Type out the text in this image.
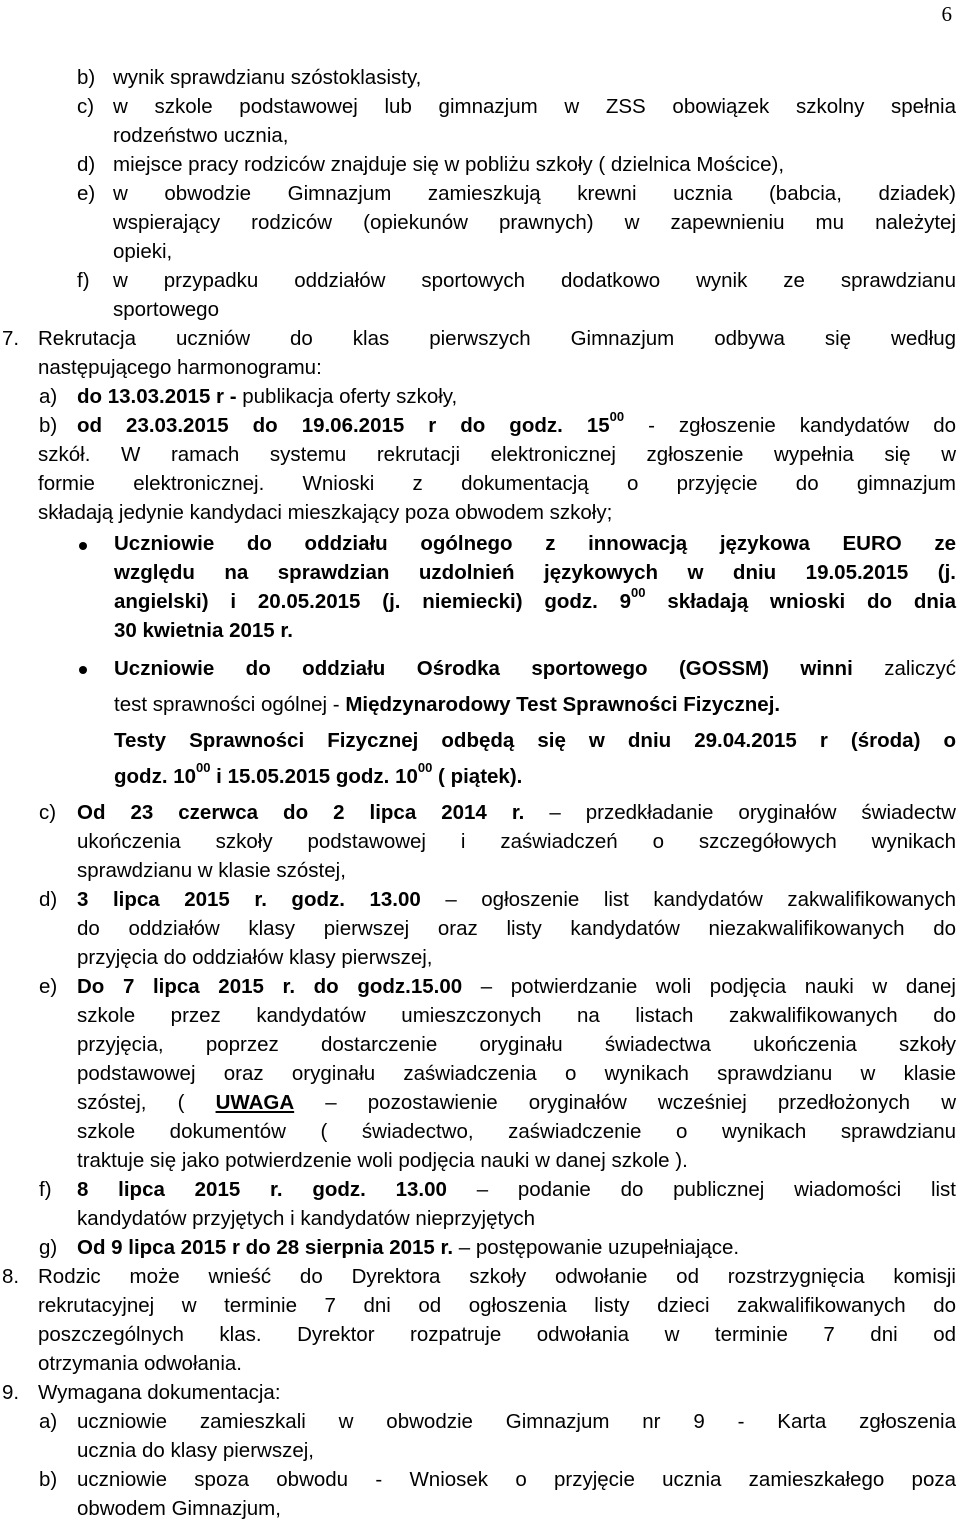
6
b) wynik sprawdzianu szóstoklasisty,
c) w szkole podstawowej lub gimnazjum w ZSS obowiązek szkolny spełnia
rodzeństwo ucznia,
d) miejsce pracy rodziców znajduje się w pobliżu szkoły ( dzielnica Mościce),
e) w obwodzie Gimnazjum zamieszkują krewni ucznia (babcia, dziadek)
wspierający rodziców (opiekunów prawnych) w zapewnieniu mu należytej
opieki,
f) w przypadku oddziałów sportowych dodatkowo wynik ze sprawdzianu
sportowego
7. Rekrutacja uczniów do klas pierwszych Gimnazjum odbywa się według
następującego harmonogramu:
a) do 13.03.2015 r - publikacja oferty szkoły,
b) od 23.03.2015 do 19.06.2015 r do godz. $15^{00}$ - zgłoszenie kandydatów do
szkół. W ramach systemu rekrutacji elektronicznej zgłoszenie wypełnia się w
formie elektronicznej. Wnioski z dokumentacją o przyjęcie do gimnazjum
składają jedynie kandydaci mieszkający poza obwodem szkoły;
Uczniowie do oddziału ogólnego z innowacją językowa EURO ze
względu na sprawdzian uzdolnień językowych w dniu 19.05.2015 (j.
angielski) i 20.05.2015 (j. niemiecki) godz. $9^{00}$ składają wnioski do dnia
30 kwietnia 2015 r.
Uczniowie do oddziału Ośrodka sportowego (GOSSM) winni zaliczyć
test sprawności ogólnej - Międzynarodowy Test Sprawności Fizycznej.
Testy Sprawności Fizycznej odbędą się w dniu 29.04.2015 r (środa) o
godz. $10^{00}$ i 15.05.2015 godz. $10^{00}$ ( piątek).
c) Od 23 czerwca do 2 lipca 2014 r. – przedkładanie oryginałów świadectw
ukończenia szkoły podstawowej i zaświadczeń o szczegółowych wynikach
sprawdzianu w klasie szóstej,
d) 3 lipca 2015 r. godz. 13.00 – ogłoszenie list kandydatów zakwalifikowanych
do oddziałów klasy pierwszej oraz listy kandydatów niezakwalifikowanych do
przyjęcia do oddziałów klasy pierwszej,
e) Do 7 lipca 2015 r. do godz.15.00 – potwierdzanie woli podjęcia nauki w danej
szkole przez kandydatów umieszczonych na listach zakwalifikowanych do
przyjęcia, poprzez dostarczenie oryginału świadectwa ukończenia szkoły
podstawowej oraz oryginału zaświadczenia o wynikach sprawdzianu w klasie
szóstej, ( UWAGA – pozostawienie oryginałów wcześniej przedłożonych w
szkole dokumentów ( świadectwo, zaświadczenie o wynikach sprawdzianu
traktuje się jako potwierdzenie woli podjęcia nauki w danej szkole ).
f) 8 lipca 2015 r. godz. 13.00 – podanie do publicznej wiadomości list
kandydatów przyjętych i kandydatów nieprzyjętych
g) Od 9 lipca 2015 r do 28 sierpnia 2015 r. – postępowanie uzupełniające.
8. Rodzic może wnieść do Dyrektora szkoły odwołanie od rozstrzygnięcia komisji
rekrutacyjnej w terminie 7 dni od ogłoszenia listy dzieci zakwalifikowanych do
poszczególnych klas. Dyrektor rozpatruje odwołania w terminie 7 dni od
otrzymania odwołania.
9. Wymagana dokumentacja:
a) uczniowie zamieszkali w obwodzie Gimnazjum nr 9 - Karta zgłoszenia
ucznia do klasy pierwszej,
b) uczniowie spoza obwodu - Wniosek o przyjęcie ucznia zamieszkałego poza
obwodem Gimnazjum,
